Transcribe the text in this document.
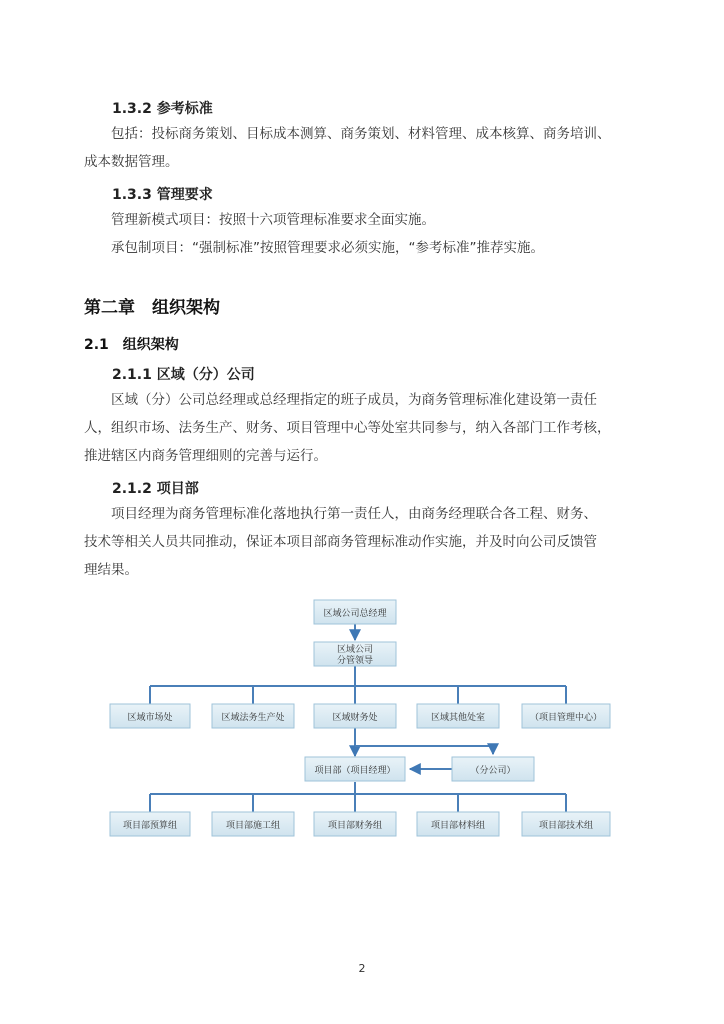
1.3.2 参考标准
　　包括：投标商务策划、目标成本测算、商务策划、材料管理、成本核算、商务培训、
成本数据管理。
1.3.3 管理要求
　　管理新模式项目：按照十六项管理标准要求全面实施。
　　承包制项目：“强制标准”按照管理要求必须实施，“参考标准”推荐实施。
第二章　组织架构
2.1　组织架构
2.1.1 区域（分）公司
　　区域（分）公司总经理或总经理指定的班子成员，为商务管理标准化建设第一责任
人，组织市场、法务生产、财务、项目管理中心等处室共同参与，纳入各部门工作考核，
推进辖区内商务管理细则的完善与运行。
2.1.2 项目部
　　项目经理为商务管理标准化落地执行第一责任人，由商务经理联合各工程、财务、
技术等相关人员共同推动，保证本项目部商务管理标准动作实施，并及时向公司反馈管
理结果。
区域公司总经理
区域公司
分管领导
区域市场处	区域法务生产处	区域财务处	区域其他处室	（项目管理中心）
项目部（项目经理）	（分公司）
项目部预算组	项目部施工组	项目部财务组	项目部材料组	项目部技术组
2
